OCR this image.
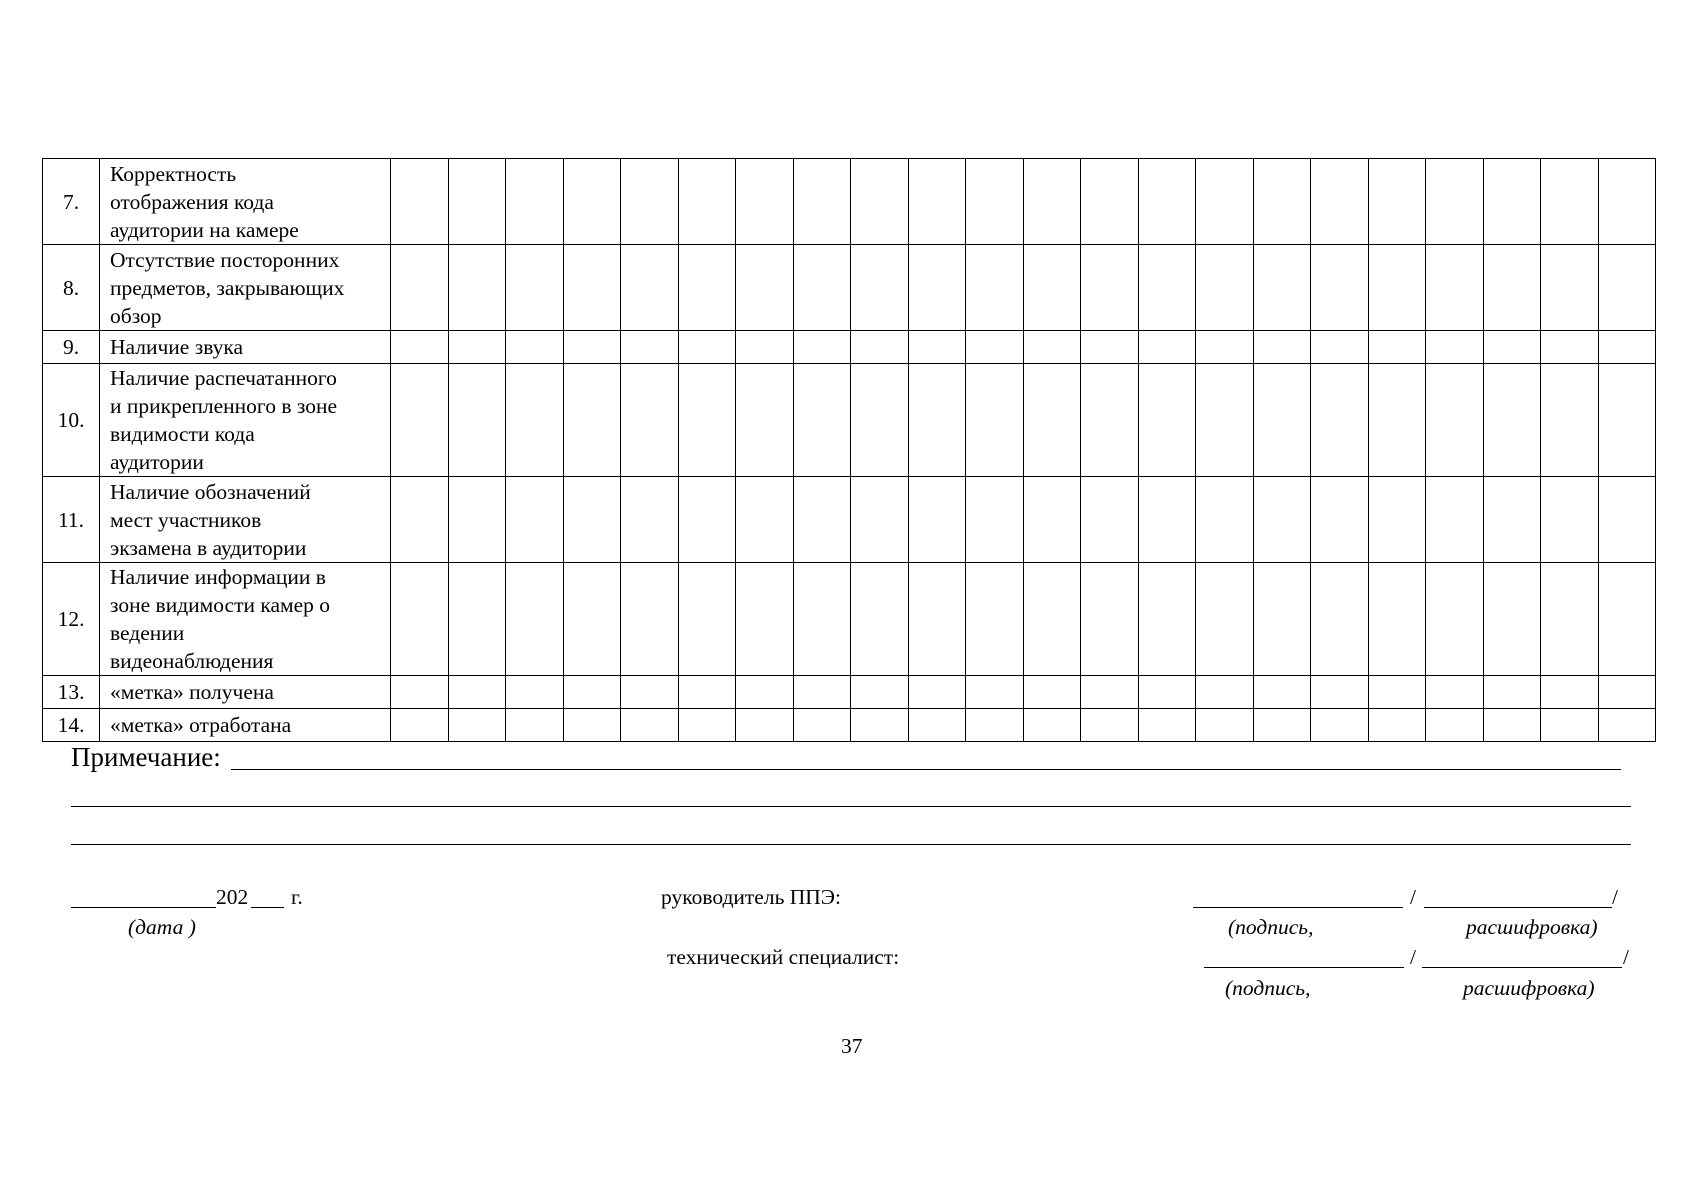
7.	Корректность
отображения кода
аудитории на камере																						

8.	Отсутствие посторонних
предметов, закрывающих
обзор																						

9.	Наличие звука																						

10.	Наличие распечатанного
и прикрепленного в зоне
видимости кода
аудитории																						

11.	Наличие обозначений
мест участников
экзамена в аудитории																						

12.	Наличие информации в
зоне видимости камер о
ведении
видеонаблюдения																						

13.	«метка» получена																						

14.	«метка» отработана																						

Примечание:
202 г.
(дата )
руководитель ППЭ:	/	/
(подпись,	расшифровка)
технический специалист:	/	/
(подпись,	расшифровка)
37
